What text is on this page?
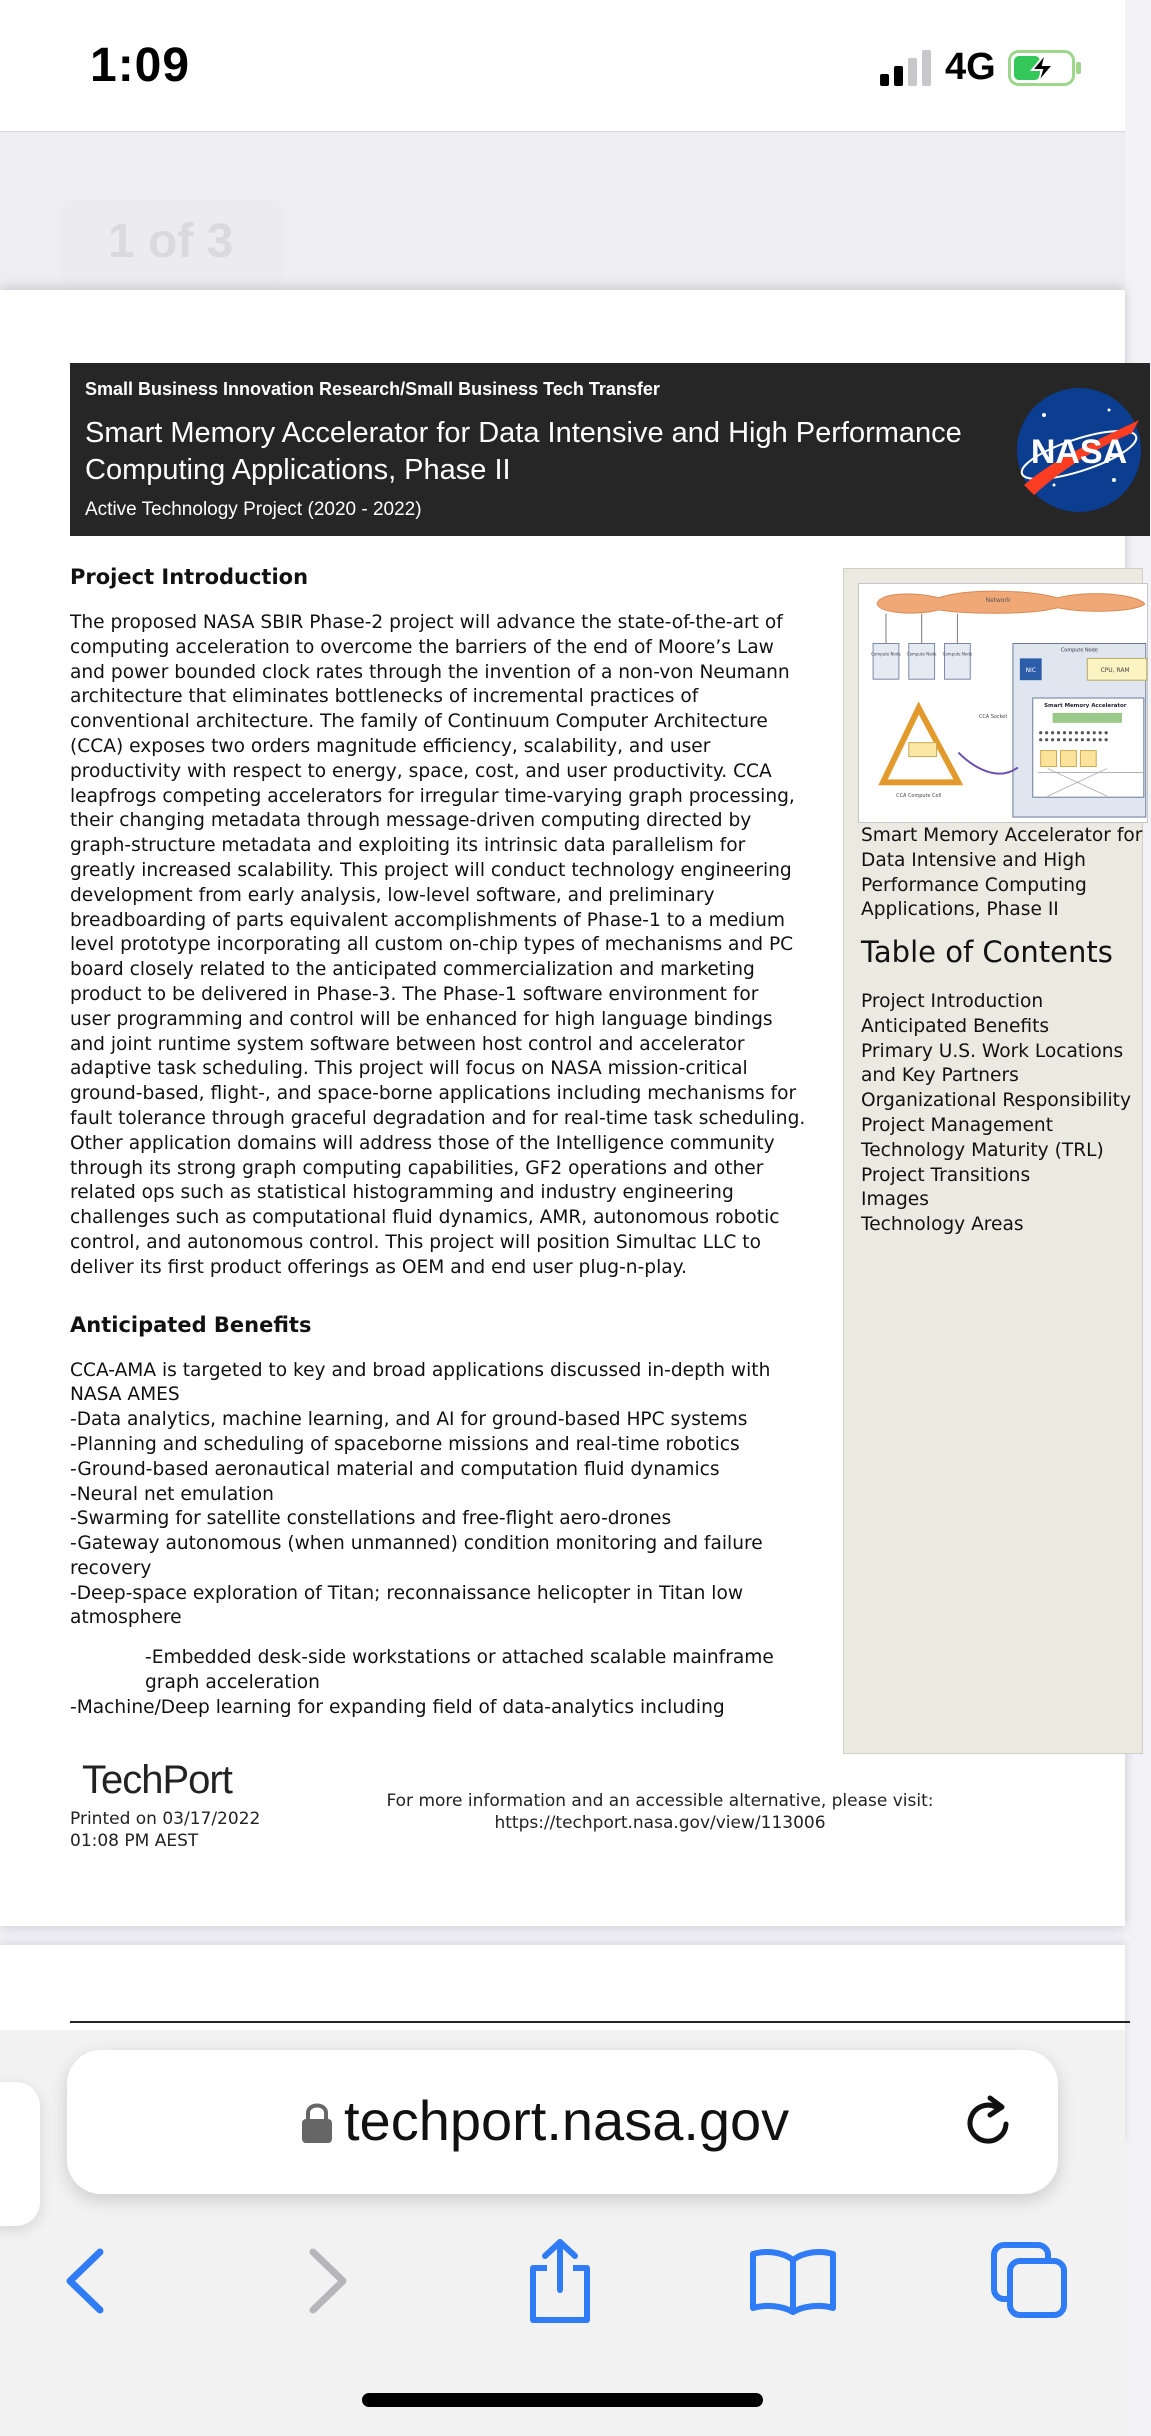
1:09	4G
1 of 3
Small Business Innovation Research/Small Business Tech Transfer
Smart Memory Accelerator for Data Intensive and High Performance Computing Applications, Phase II
Active Technology Project (2020 - 2022)
NASA
Project Introduction
The proposed NASA SBIR Phase-2 project will advance the state-of-the-art of
computing acceleration to overcome the barriers of the end of Moore’s Law
and power bounded clock rates through the invention of a non-von Neumann
architecture that eliminates bottlenecks of incremental practices of
conventional architecture. The family of Continuum Computer Architecture
(CCA) exposes two orders magnitude efficiency, scalability, and user
productivity with respect to energy, space, cost, and user productivity. CCA
leapfrogs competing accelerators for irregular time-varying graph processing,
their changing metadata through message-driven computing directed by
graph-structure metadata and exploiting its intrinsic data parallelism for
greatly increased scalability. This project will conduct technology engineering
development from early analysis, low-level software, and preliminary
breadboarding of parts equivalent accomplishments of Phase-1 to a medium
level prototype incorporating all custom on-chip types of mechanisms and PC
board closely related to the anticipated commercialization and marketing
product to be delivered in Phase-3. The Phase-1 software environment for
user programming and control will be enhanced for high language bindings
and joint runtime system software between host control and accelerator
adaptive task scheduling. This project will focus on NASA mission-critical
ground-based, flight-, and space-borne applications including mechanisms for
fault tolerance through graceful degradation and for real-time task scheduling.
Other application domains will address those of the Intelligence community
through its strong graph computing capabilities, GF2 operations and other
related ops such as statistical histogramming and industry engineering
challenges such as computational fluid dynamics, AMR, autonomous robotic
control, and autonomous control. This project will position Simultac LLC to
deliver its first product offerings as OEM and end user plug-n-play.
Anticipated Benefits
CCA-AMA is targeted to key and broad applications discussed in-depth with
NASA AMES
-Data analytics, machine learning, and AI for ground-based HPC systems
-Planning and scheduling of spaceborne missions and real-time robotics
-Ground-based aeronautical material and computation fluid dynamics
-Neural net emulation
-Swarming for satellite constellations and free-flight aero-drones
-Gateway autonomous (when unmanned) condition monitoring and failure
recovery
-Deep-space exploration of Titan; reconnaissance helicopter in Titan low
atmosphere
-Embedded desk-side workstations or attached scalable mainframe
graph acceleration
-Machine/Deep learning for expanding field of data-analytics including
Network
Compute Node Compute Node Compute Node
Compute Node
NIC	CPU, RAM
Smart Memory Accelerator
CCA Socket
CCA Compute Cell
Smart Memory Accelerator for Data Intensive and High Performance Computing Applications, Phase II
Table of Contents
Project Introduction
Anticipated Benefits
Primary U.S. Work Locations
and Key Partners
Organizational Responsibility
Project Management
Technology Maturity (TRL)
Project Transitions
Images
Technology Areas
TechPort
Printed on 03/17/2022
01:08 PM AEST
For more information and an accessible alternative, please visit:
https://techport.nasa.gov/view/113006
techport.nasa.gov
